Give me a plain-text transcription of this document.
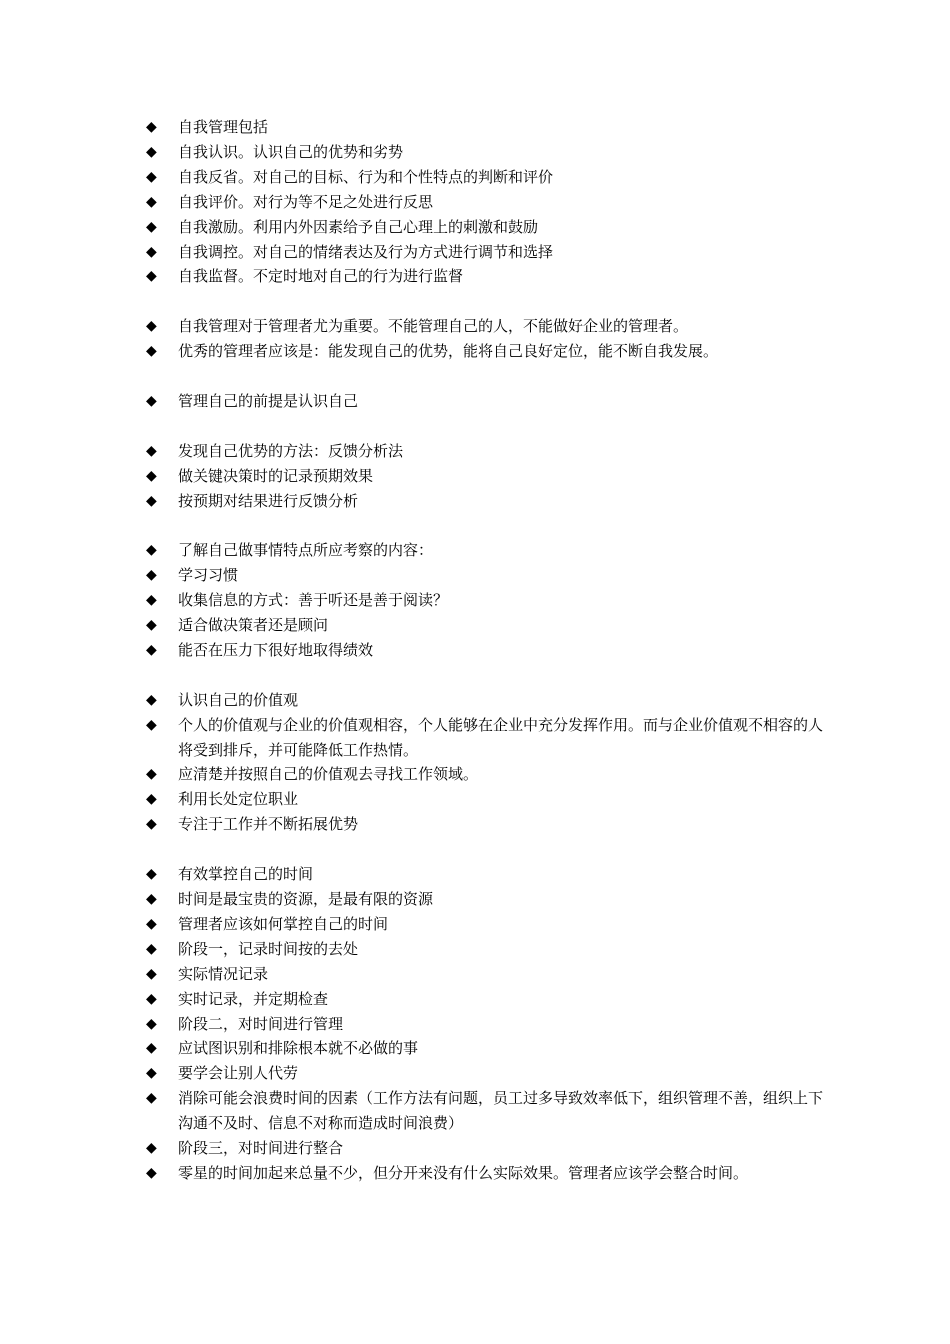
◆	自我管理包括
◆	自我认识。认识自己的优势和劣势
◆	自我反省。对自己的目标、行为和个性特点的判断和评价
◆	自我评价。对行为等不足之处进行反思
◆	自我激励。利用内外因素给予自己心理上的刺激和鼓励
◆	自我调控。对自己的情绪表达及行为方式进行调节和选择
◆	自我监督。不定时地对自己的行为进行监督
◆	自我管理对于管理者尤为重要。不能管理自己的人，不能做好企业的管理者。
◆	优秀的管理者应该是：能发现自己的优势，能将自己良好定位，能不断自我发展。
◆	管理自己的前提是认识自己
◆	发现自己优势的方法：反馈分析法
◆	做关键决策时的记录预期效果
◆	按预期对结果进行反馈分析
◆	了解自己做事情特点所应考察的内容：
◆	学习习惯
◆	收集信息的方式：善于听还是善于阅读？
◆	适合做决策者还是顾问
◆	能否在压力下很好地取得绩效
◆	认识自己的价值观
◆	个人的价值观与企业的价值观相容，个人能够在企业中充分发挥作用。而与企业价值观不相容的人将受到排斥，并可能降低工作热情。
◆	应清楚并按照自己的价值观去寻找工作领域。
◆	利用长处定位职业
◆	专注于工作并不断拓展优势
◆	有效掌控自己的时间
◆	时间是最宝贵的资源，是最有限的资源
◆	管理者应该如何掌控自己的时间
◆	阶段一，记录时间按的去处
◆	实际情况记录
◆	实时记录，并定期检查
◆	阶段二，对时间进行管理
◆	应试图识别和排除根本就不必做的事
◆	要学会让别人代劳
◆	消除可能会浪费时间的因素（工作方法有问题，员工过多导致效率低下，组织管理不善，组织上下沟通不及时、信息不对称而造成时间浪费）
◆	阶段三，对时间进行整合
◆	零星的时间加起来总量不少，但分开来没有什么实际效果。管理者应该学会整合时间。
